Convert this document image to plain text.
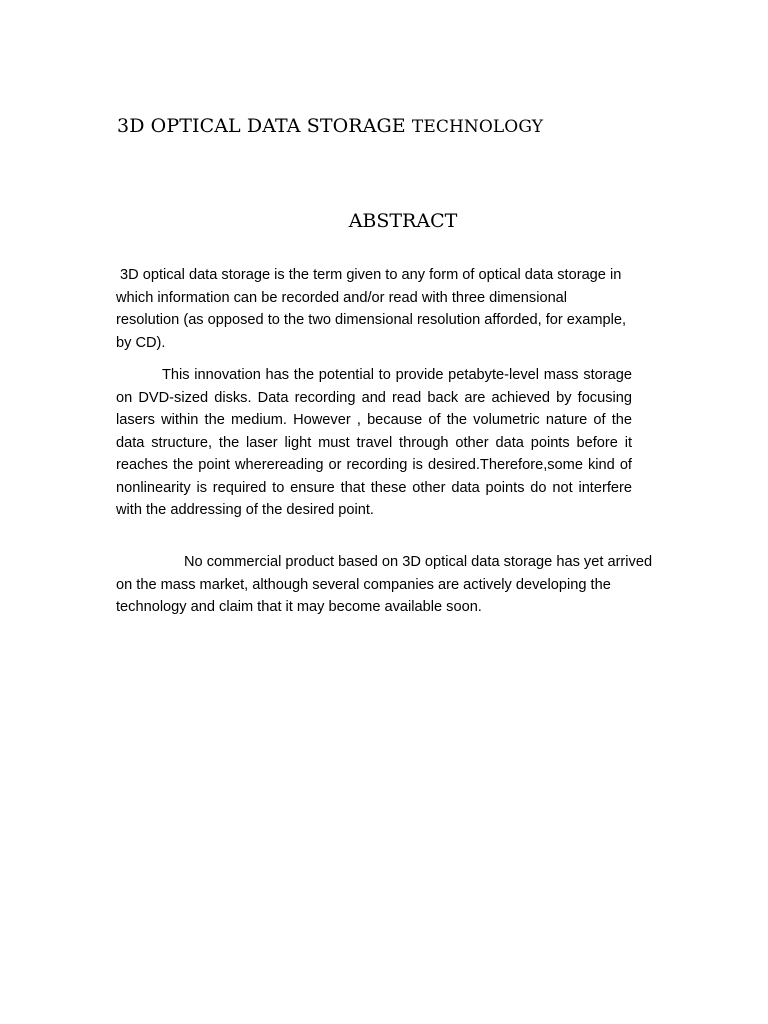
3D OPTICAL DATA STORAGE TECHNOLOGY
ABSTRACT

3D optical data storage is the term given to any form of optical data storage in which information can be recorded and/or read with three dimensional resolution (as opposed to the two dimensional resolution afforded, for example, by CD).

This innovation has the potential to provide petabyte-level mass storage on DVD-sized disks. Data recording and read back are achieved by focusing lasers within the medium. However , because of the volumetric nature of the data structure, the laser light must travel through other data points before it reaches the point wherereading or recording is desired.Therefore,some kind of nonlinearity is required to ensure that these other data points do not interfere with the addressing of the desired point.

No commercial product based on 3D optical data storage has yet arrived on the mass market, although several companies are actively developing the technology and claim that it may become available soon.
